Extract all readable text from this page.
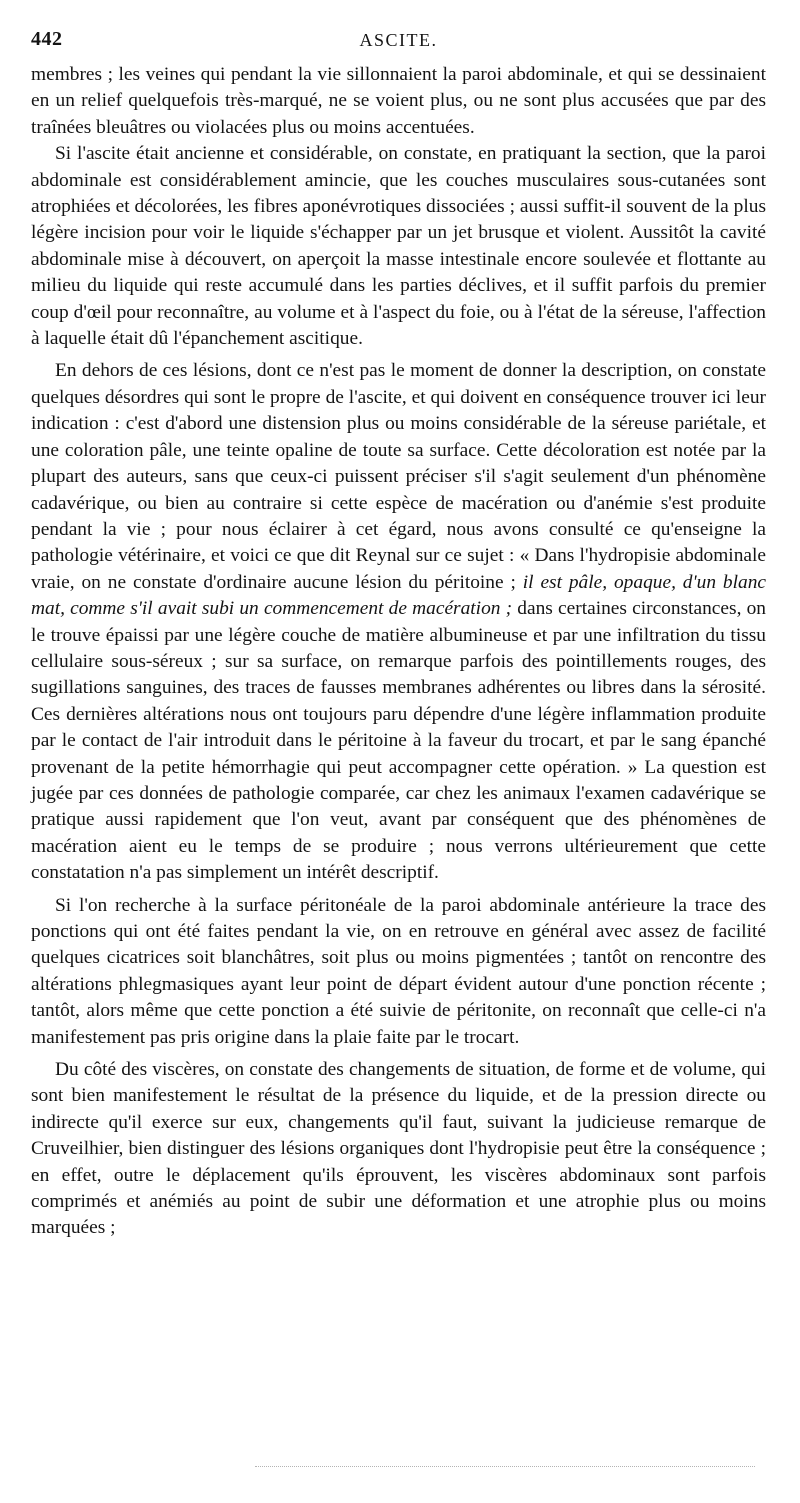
442	ASCITE.

membres ; les veines qui pendant la vie sillonnaient la paroi abdominale, et qui se dessinaient en un relief quelquefois très-marqué, ne se voient plus, ou ne sont plus accusées que par des traînées bleuâtres ou violacées plus ou moins accentuées.

Si l'ascite était ancienne et considérable, on constate, en pratiquant la section, que la paroi abdominale est considérablement amincie, que les couches musculaires sous-cutanées sont atrophiées et décolorées, les fibres aponévrotiques dissociées ; aussi suffit-il souvent de la plus légère incision pour voir le liquide s'échapper par un jet brusque et violent. Aussitôt la cavité abdominale mise à découvert, on aperçoit la masse intestinale encore soulevée et flottante au milieu du liquide qui reste accumulé dans les parties déclives, et il suffit parfois du premier coup d'œil pour reconnaître, au volume et à l'aspect du foie, ou à l'état de la séreuse, l'affection à laquelle était dû l'épanchement ascitique.

En dehors de ces lésions, dont ce n'est pas le moment de donner la description, on constate quelques désordres qui sont le propre de l'ascite, et qui doivent en conséquence trouver ici leur indication : c'est d'abord une distension plus ou moins considérable de la séreuse pariétale, et une coloration pâle, une teinte opaline de toute sa surface. Cette décoloration est notée par la plupart des auteurs, sans que ceux-ci puissent préciser s'il s'agit seulement d'un phénomène cadavérique, ou bien au contraire si cette espèce de macération ou d'anémie s'est produite pendant la vie ; pour nous éclairer à cet égard, nous avons consulté ce qu'enseigne la pathologie vétérinaire, et voici ce que dit Reynal sur ce sujet : « Dans l'hydropisie abdominale vraie, on ne constate d'ordinaire aucune lésion du péritoine ; il est pâle, opaque, d'un blanc mat, comme s'il avait subi un commencement de macération ; dans certaines circonstances, on le trouve épaissi par une légère couche de matière albumineuse et par une infiltration du tissu cellulaire sous-séreux ; sur sa surface, on remarque parfois des pointillements rouges, des sugillations sanguines, des traces de fausses membranes adhérentes ou libres dans la sérosité. Ces dernières altérations nous ont toujours paru dépendre d'une légère inflammation produite par le contact de l'air introduit dans le péritoine à la faveur du trocart, et par le sang épanché provenant de la petite hémorrhagie qui peut accompagner cette opération. » La question est jugée par ces données de pathologie comparée, car chez les animaux l'examen cadavérique se pratique aussi rapidement que l'on veut, avant par conséquent que des phénomènes de macération aient eu le temps de se produire ; nous verrons ultérieurement que cette constatation n'a pas simplement un intérêt descriptif.

Si l'on recherche à la surface péritonéale de la paroi abdominale antérieure la trace des ponctions qui ont été faites pendant la vie, on en retrouve en général avec assez de facilité quelques cicatrices soit blanchâtres, soit plus ou moins pigmentées ; tantôt on rencontre des altérations phlegmasiques ayant leur point de départ évident autour d'une ponction récente ; tantôt, alors même que cette ponction a été suivie de péritonite, on reconnaît que celle-ci n'a manifestement pas pris origine dans la plaie faite par le trocart.

Du côté des viscères, on constate des changements de situation, de forme et de volume, qui sont bien manifestement le résultat de la présence du liquide, et de la pression directe ou indirecte qu'il exerce sur eux, changements qu'il faut, suivant la judicieuse remarque de Cruveilhier, bien distinguer des lésions organiques dont l'hydropisie peut être la conséquence ; en effet, outre le déplacement qu'ils éprouvent, les viscères abdominaux sont parfois comprimés et anémiés au point de subir une déformation et une atrophie plus ou moins marquées ;
